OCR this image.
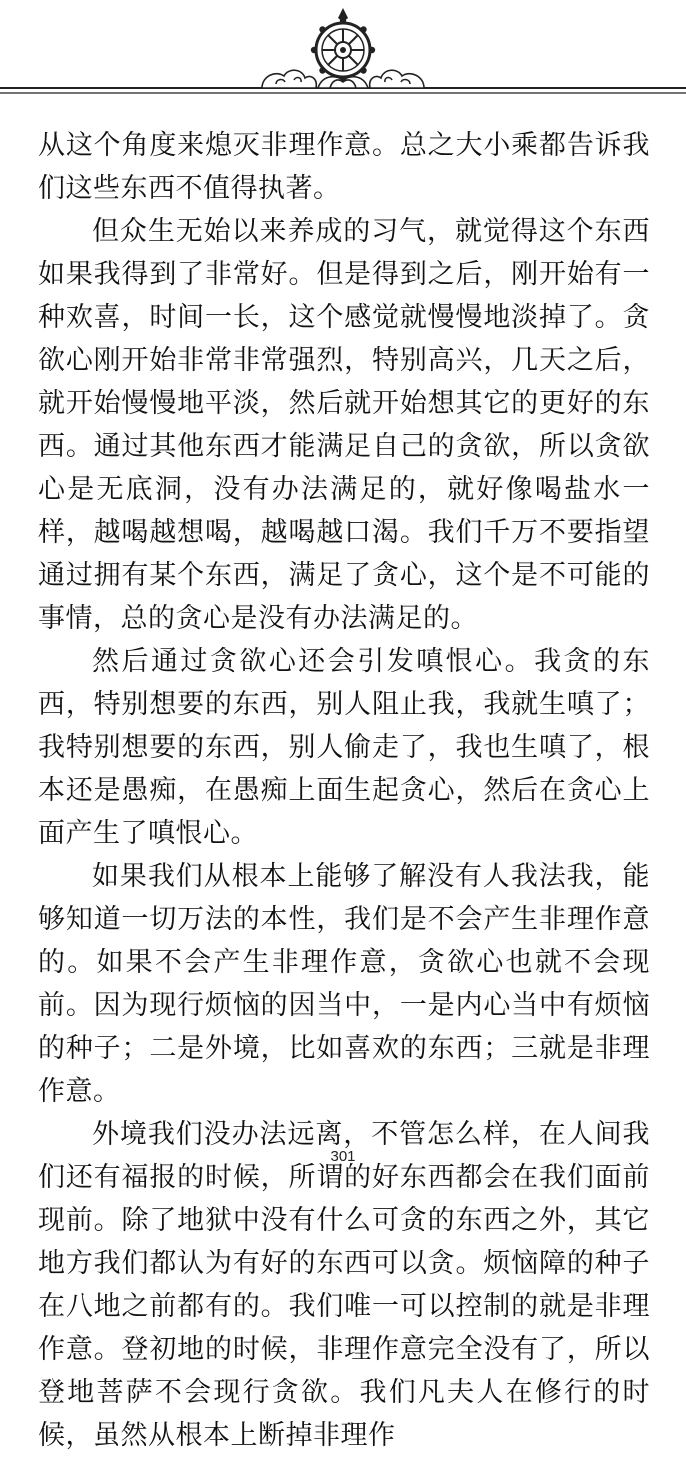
从这个角度来熄灭非理作意。总之大小乘都告诉我们这些东西不值得执著。

但众生无始以来养成的习气，就觉得这个东西如果我得到了非常好。但是得到之后，刚开始有一种欢喜，时间一长，这个感觉就慢慢地淡掉了。贪欲心刚开始非常非常强烈，特别高兴，几天之后，就开始慢慢地平淡，然后就开始想其它的更好的东西。通过其他东西才能满足自己的贪欲，所以贪欲心是无底洞，没有办法满足的，就好像喝盐水一样，越喝越想喝，越喝越口渴。我们千万不要指望通过拥有某个东西，满足了贪心，这个是不可能的事情，总的贪心是没有办法满足的。

然后通过贪欲心还会引发嗔恨心。我贪的东西，特别想要的东西，别人阻止我，我就生嗔了；我特别想要的东西，别人偷走了，我也生嗔了，根本还是愚痴，在愚痴上面生起贪心，然后在贪心上面产生了嗔恨心。

如果我们从根本上能够了解没有人我法我，能够知道一切万法的本性，我们是不会产生非理作意的。如果不会产生非理作意，贪欲心也就不会现前。因为现行烦恼的因当中，一是内心当中有烦恼的种子；二是外境，比如喜欢的东西；三就是非理作意。

外境我们没办法远离，不管怎么样，在人间我们还有福报的时候，所谓的好东西都会在我们面前现前。除了地狱中没有什么可贪的东西之外，其它地方我们都认为有好的东西可以贪。烦恼障的种子在八地之前都有的。我们唯一可以控制的就是非理作意。登初地的时候，非理作意完全没有了，所以登地菩萨不会现行贪欲。我们凡夫人在修行的时候，虽然从根本上断掉非理作

301
